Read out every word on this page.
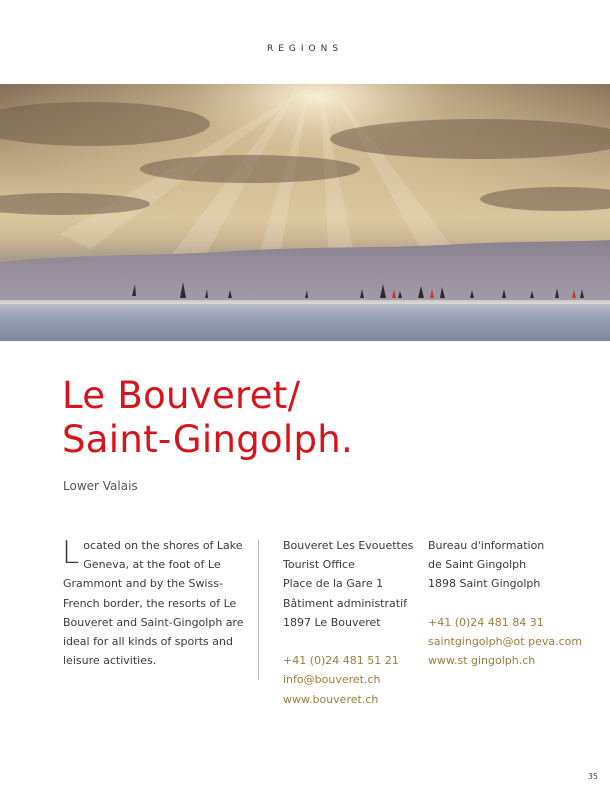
REGIONS
Le Bouveret/
Saint-Gingolph.
Lower Valais

Located on the shores of Lake Geneva, at the foot of Le Grammont and by the Swiss-French border, the resorts of Le Bouveret and Saint-Gingolph are ideal for all kinds of sports and leisure activities.

Bouveret Les Evouettes
Tourist Office
Place de la Gare 1
Bâtiment administratif
1897 Le Bouveret
+41 (0)24 481 51 21
info@bouveret.ch
www.bouveret.ch
Bureau d'information
de Saint Gingolph
1898 Saint Gingolph
+41 (0)24 481 84 31
saintgingolph@ot peva.com
www.st gingolph.ch
35
